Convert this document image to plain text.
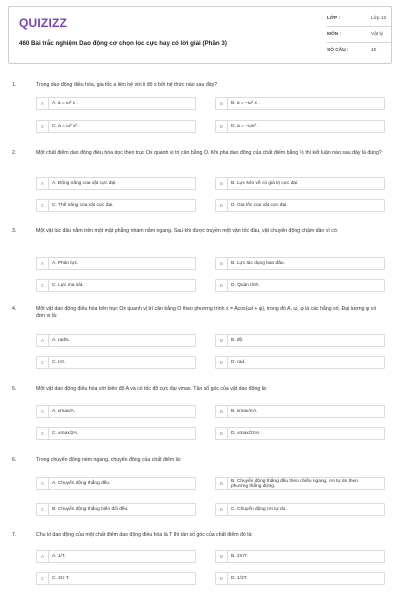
QUIZIZZ
460 Bài trắc nghiệm Dao động cơ chọn lọc cực hay có lời giải (Phần 3)
LỚP :	Lớp 12
MÔN :	Vật lý
SỐ CÂU :	40
1.	Trong dao động điều hòa, gia tốc a liên hệ với li độ x bởi hệ thức nào sau đây?
A	A. a = ω² x .	B	B. a = −ω² x .
C	C. a = ω² x² .	D	D. a = −ωx² .
2.	Một chất điểm dao động điều hòa dọc theo trục Ox quanh vị trí cân bằng O. Khi pha dao động của chất điểm bằng ½ thì kết luận nào sau đây là đúng?
A	A. Động năng của vật cực đại.	B	B. Lực kéo về có giá trị cực đại.
C	C. Thế năng của vật cực đại.	D	D. Gia tốc của vật cực đại.
3.	Một vật lúc đầu nằm trên một mặt phẳng nhám nằm ngang. Sau khi được truyền một vận tốc đầu, vật chuyển động chậm dần vì có:
A	A. Phản lực.	B	B. Lực tác dụng ban đầu.
C	C. Lực ma sát.	D	D. Quán tính.
4.	Một vật dao động điều hòa trên trục Ox quanh vị trí cân bằng O theo phương trình x = Acos(ωt + φ), trong đó A, ω, φ là các hằng số. Đại lượng φ có đơn vị là:
A	A. rad/s.	B	B. độ.
C	C. Hz.	D	D. rad.
5.	Một vật dao động điều hòa với biên độ A và có tốc độ cực đại vmax. Tần số góc của vật dao động là:
A	A. vmax/A.	B	B. vmax/πA.
C	C. vmax/2A.	D	D. vmax/2πA.
6.	Trong chuyển động ném ngang, chuyển động của chất điểm là:
A	A. Chuyển động thẳng đều.	B	B. Chuyển động thẳng đều theo chiều ngang, rơi tự do theo phương thẳng đứng.
C	B. Chuyển động thẳng biến đổi đều.	D	C. Chuyển động rơi tự do.
7.	Chu kì dao động của một chất điểm dao động điều hòa là T thì tần số góc của chất điểm đó là:
A	A. 1/T.	B	B. 2π/T.
C	C. 2π·T.	D	D. 1/2T.
